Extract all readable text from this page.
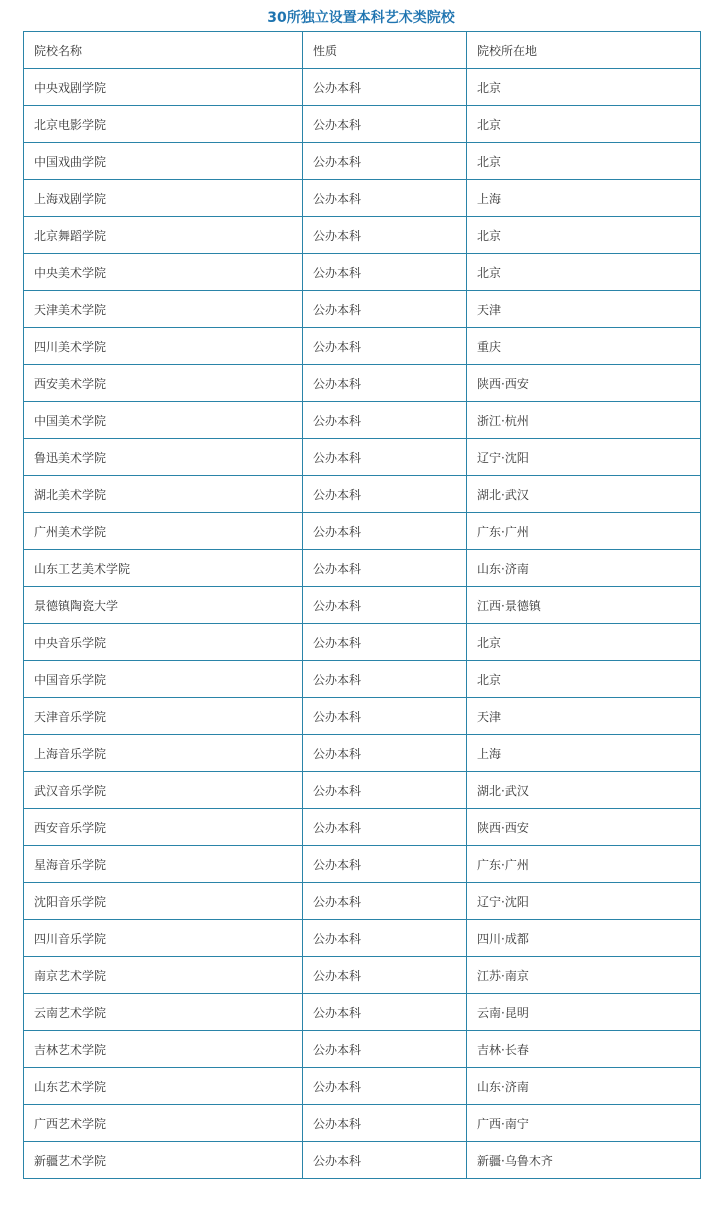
30所独立设置本科艺术类院校
院校名称	性质	院校所在地
中央戏剧学院	公办本科	北京
北京电影学院	公办本科	北京
中国戏曲学院	公办本科	北京
上海戏剧学院	公办本科	上海
北京舞蹈学院	公办本科	北京
中央美术学院	公办本科	北京
天津美术学院	公办本科	天津
四川美术学院	公办本科	重庆
西安美术学院	公办本科	陕西·西安
中国美术学院	公办本科	浙江·杭州
鲁迅美术学院	公办本科	辽宁·沈阳
湖北美术学院	公办本科	湖北·武汉
广州美术学院	公办本科	广东·广州
山东工艺美术学院	公办本科	山东·济南
景德镇陶瓷大学	公办本科	江西·景德镇
中央音乐学院	公办本科	北京
中国音乐学院	公办本科	北京
天津音乐学院	公办本科	天津
上海音乐学院	公办本科	上海
武汉音乐学院	公办本科	湖北·武汉
西安音乐学院	公办本科	陕西·西安
星海音乐学院	公办本科	广东·广州
沈阳音乐学院	公办本科	辽宁·沈阳
四川音乐学院	公办本科	四川·成都
南京艺术学院	公办本科	江苏·南京
云南艺术学院	公办本科	云南·昆明
吉林艺术学院	公办本科	吉林·长春
山东艺术学院	公办本科	山东·济南
广西艺术学院	公办本科	广西·南宁
新疆艺术学院	公办本科	新疆·乌鲁木齐
